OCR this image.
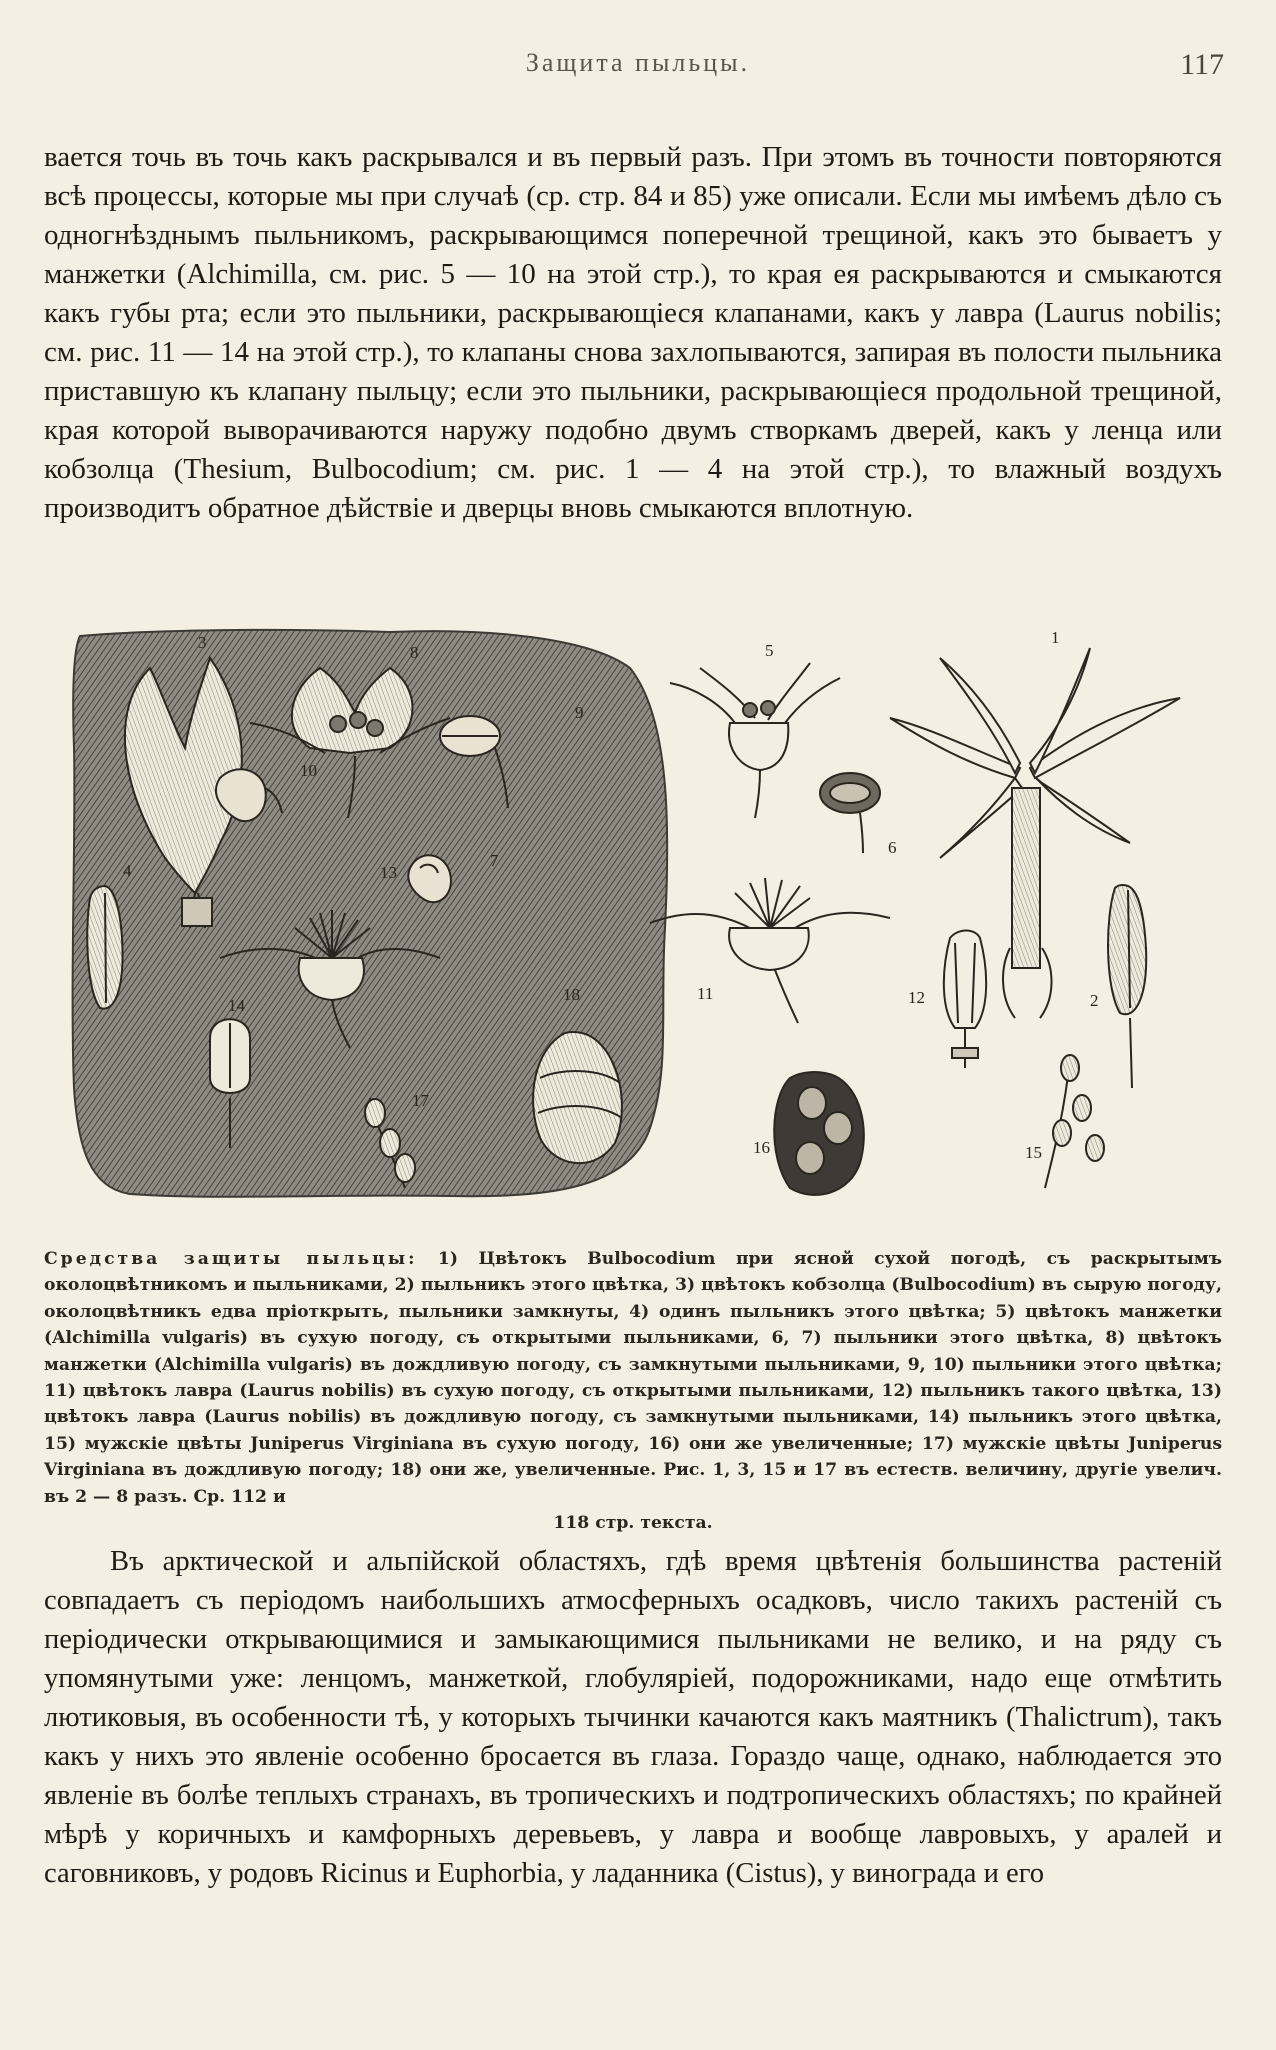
Защита пыльцы.	117
вается точь въ точь какъ раскрывался и въ первый разъ. При этомъ въ точности повторяются всѣ процессы, которые мы при случаѣ (ср. стр. 84 и 85) уже описали. Если мы имѣемъ дѣло съ одногнѣзднымъ пыльникомъ, раскрывающимся поперечной трещиной, какъ это бываетъ у манжетки (Alchimilla, см. рис. 5 — 10 на этой стр.), то края ея раскрываются и смыкаются какъ губы рта; если это пыльники, раскрывающіеся клапанами, какъ у лавра (Laurus nobilis; см. рис. 11 — 14 на этой стр.), то клапаны снова захлопываются, запирая въ полости пыльника приставшую къ клапану пыльцу; если это пыльники, раскрывающіеся продольной трещиной, края которой выворачиваются наружу подобно двумъ створкамъ дверей, какъ у ленца или кобзолца (Thesium, Bulbocodium; см. рис. 1 — 4 на этой стр.), то влажный воздухъ производитъ обратное дѣйствіе и дверцы вновь смыкаются вплотную.
3
8
9
10
4	13
7
14
18
17
5
1
6
11	12	2
16	15
Средства защиты пыльцы: 1) Цвѣтокъ Bulbocodium при ясной сухой погодѣ, съ раскрытымъ околоцвѣтникомъ и пыльниками, 2) пыльникъ этого цвѣтка, 3) цвѣтокъ кобзолца (Bulbocodium) въ сырую погоду, околоцвѣтникъ едва пріоткрыть, пыльники замкнуты, 4) одинъ пыльникъ этого цвѣтка; 5) цвѣтокъ манжетки (Alchimilla vulgaris) въ сухую погоду, съ открытыми пыльниками, 6, 7) пыльники этого цвѣтка, 8) цвѣтокъ манжетки (Alchimilla vulgaris) въ дождливую погоду, съ замкнутыми пыльниками, 9, 10) пыльники этого цвѣтка; 11) цвѣтокъ лавра (Laurus nobilis) въ сухую погоду, съ открытыми пыльниками, 12) пыльникъ такого цвѣтка, 13) цвѣтокъ лавра (Laurus nobilis) въ дождливую погоду, съ замкнутыми пыльниками, 14) пыльникъ этого цвѣтка, 15) мужскіе цвѣты Juniperus Virginiana въ сухую погоду, 16) они же увеличенные; 17) мужскіе цвѣты Juniperus Virginiana въ дождливую погоду; 18) они же, увеличенные. Рис. 1, 3, 15 и 17 въ естеств. величину, другіе увелич. въ 2 — 8 разъ. Ср. 112 и
118 стр. текста.
Въ арктической и альпійской областяхъ, гдѣ время цвѣтенія большинства растеній совпадаетъ съ періодомъ наибольшихъ атмосферныхъ осадковъ, число такихъ растеній съ періодически открывающимися и замыкающимися пыльниками не велико, и на ряду съ упомянутыми уже: ленцомъ, манжеткой, глобуляріей, подорожниками, надо еще отмѣтить лютиковыя, въ особенности тѣ, у которыхъ тычинки качаются какъ маятникъ (Thalictrum), такъ какъ у нихъ это явленіе особенно бросается въ глаза. Гораздо чаще, однако, наблюдается это явленіе въ болѣе теплыхъ странахъ, въ тропическихъ и подтропическихъ областяхъ; по крайней мѣрѣ у коричныхъ и камфорныхъ деревьевъ, у лавра и вообще лавровыхъ, у аралей и саговниковъ, у родовъ Ricinus и Euphorbia, у ладанника (Cistus), у винограда и его
